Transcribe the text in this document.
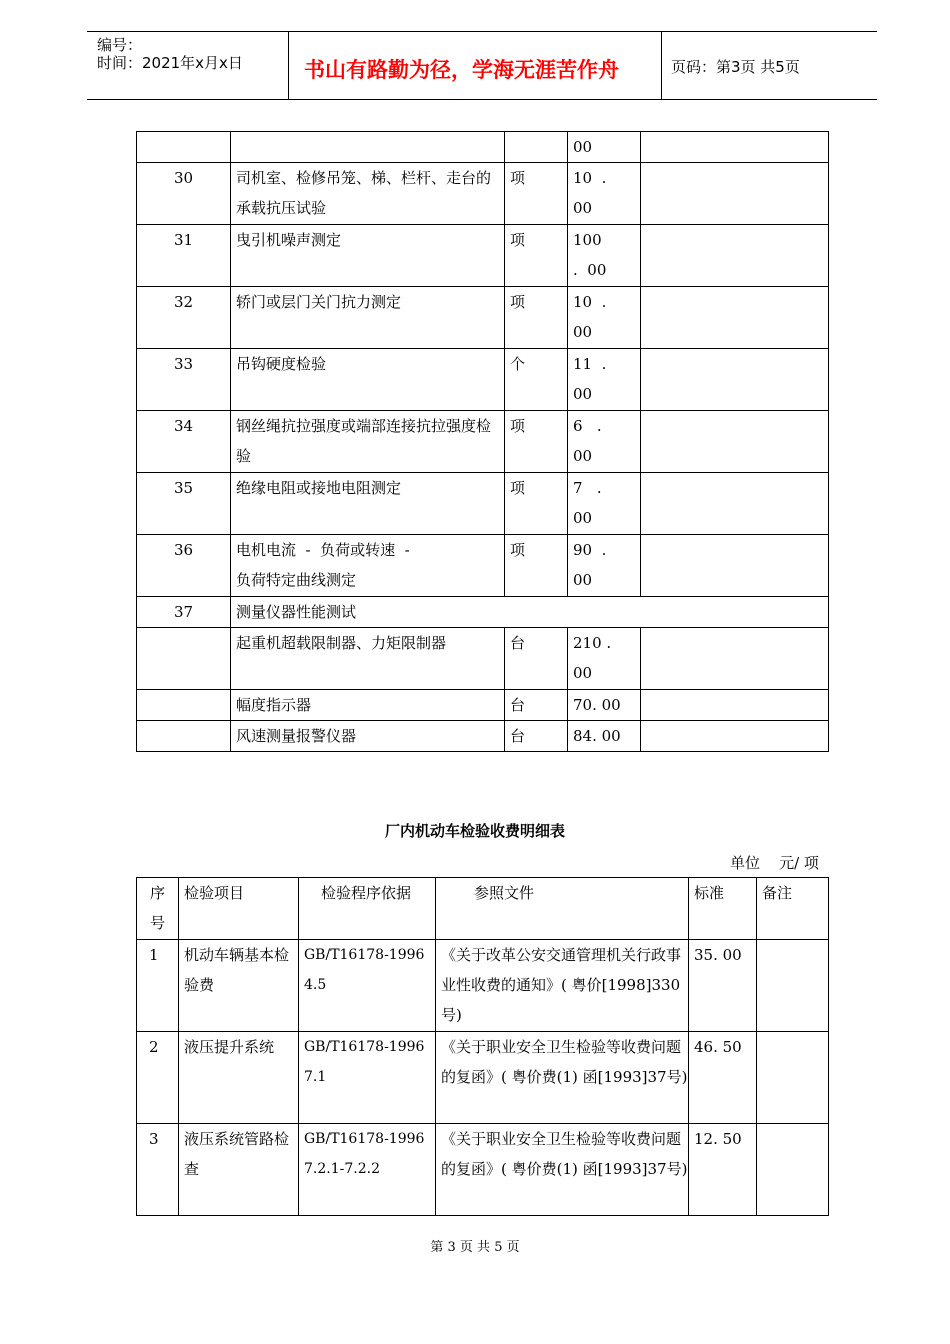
编号：
时间：2021年x月x日	书山有路勤为径，学海无涯苦作舟	页码：第3页 共5页
			00	
30	司机室、检修吊笼、梯、栏杆、走台的承载抗压试验	项	10  .
00	
31	曳引机噪声测定	项	100
.  00	
32	轿门或层门关门抗力测定	项	10  .
00	
33	吊钩硬度检验	个	11  .
00	
34	钢丝绳抗拉强度或端部连接抗拉强度检验	项	6   .
00	
35	绝缘电阻或接地电阻测定	项	7   .
00	
36	电机电流  -  负荷或转速  -
负荷特定曲线测定	项	90  .
00	
37	测量仪器性能测试			
	起重机超载限制器、力矩限制器	台	210 .
00	
	幅度指示器	台	70. 00	
	风速测量报警仪器	台	84. 00	
厂内机动车检验收费明细表
单位    元/ 项
序
号	检验项目	检验程序依据	参照文件	标准	备注
1	机动车辆基本检验费	GB/T16178-1996
4.5	《关于改革公安交通管理机关行政事业性收费的通知》( 粤价[1998]330 号)	35. 00	
2	液压提升系统	GB/T16178-1996
7.1	《关于职业安全卫生检验等收费问题的复函》( 粤价费(1) 函[1993]37号)	46. 50	
3	液压系统管路检查	GB/T16178-1996
7.2.1-7.2.2	《关于职业安全卫生检验等收费问题的复函》( 粤价费(1) 函[1993]37号)	12. 50	
第 3 页 共 5 页
